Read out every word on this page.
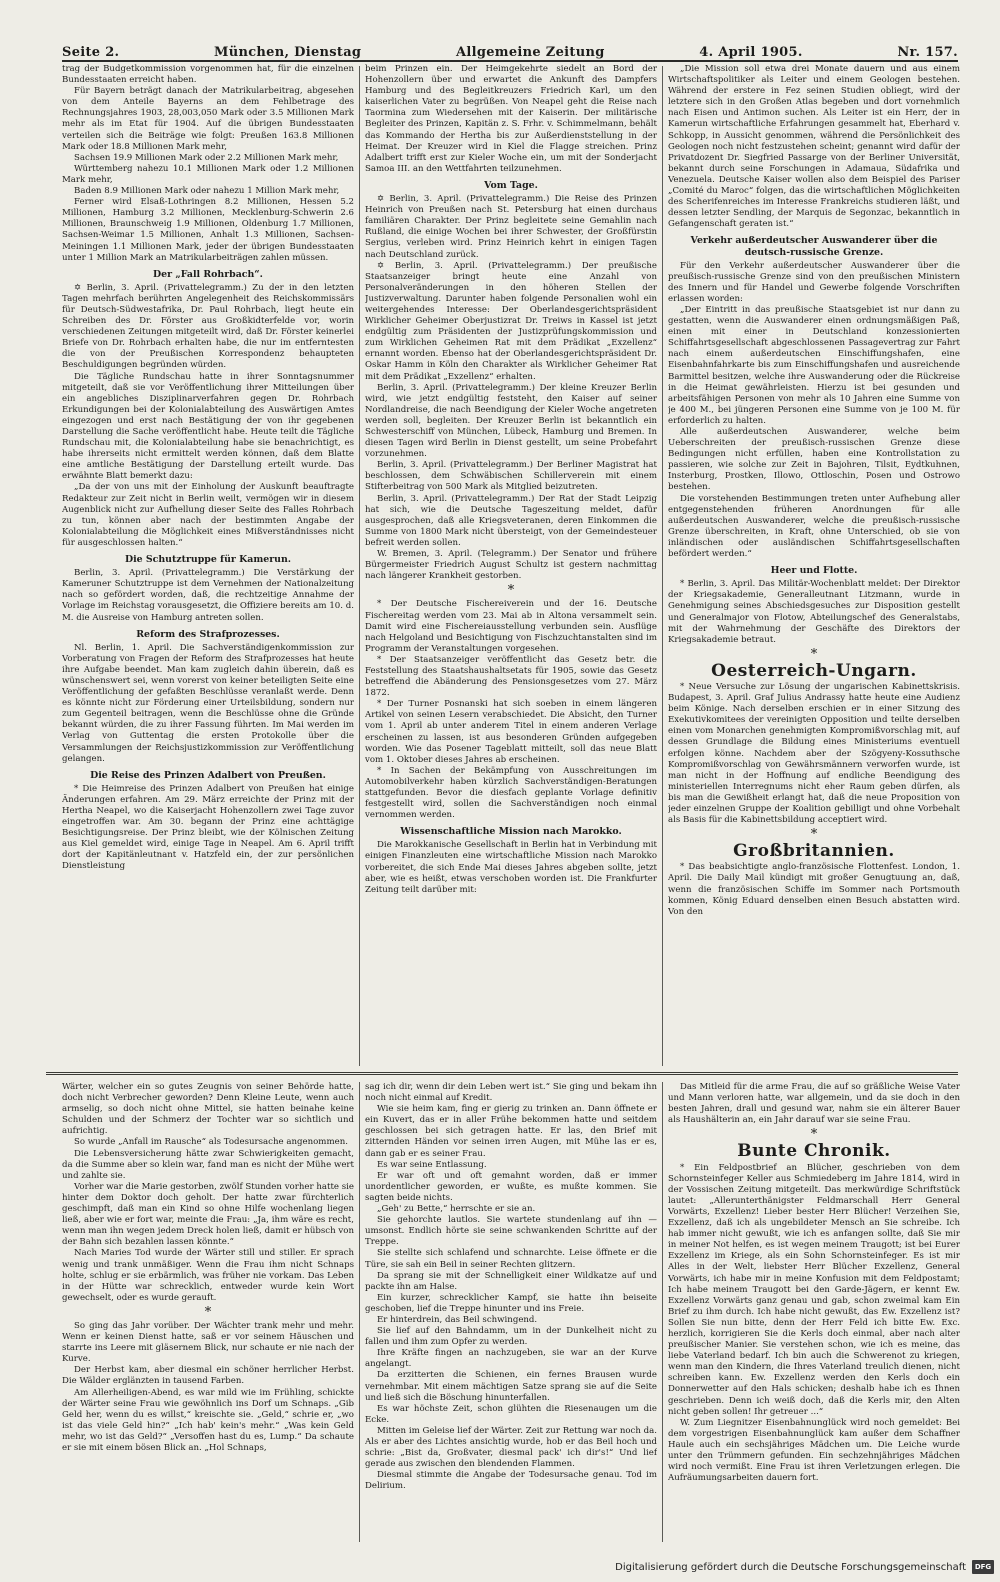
Seite 2.	München, Dienstag	Allgemeine Zeitung	4. April 1905.	Nr. 157.

trag der Budgetkommission vorgenommen hat, für die einzelnen Bundesstaaten erreicht haben.

Für Bayern beträgt danach der Matrikularbeitrag, abgesehen von dem Anteile Bayerns an dem Fehlbetrage des Rechnungsjahres 1903, 28,003,050 Mark oder 3.5 Millionen Mark mehr als im Etat für 1904. Auf die übrigen Bundesstaaten verteilen sich die Beiträge wie folgt: Preußen 163.8 Millionen Mark oder 18.8 Millionen Mark mehr,

Sachsen 19.9 Millionen Mark oder 2.2 Millionen Mark mehr,

Württemberg nahezu 10.1 Millionen Mark oder 1.2 Millionen Mark mehr,

Baden 8.9 Millionen Mark oder nahezu 1 Million Mark mehr,

Ferner wird Elsaß-Lothringen 8.2 Millionen, Hessen 5.2 Millionen, Hamburg 3.2 Millionen, Mecklenburg-Schwerin 2.6 Millionen, Braunschweig 1.9 Millionen, Oldenburg 1.7 Millionen, Sachsen-Weimar 1.5 Millionen, Anhalt 1.3 Millionen, Sachsen-Meiningen 1.1 Millionen Mark, jeder der übrigen Bundesstaaten unter 1 Million Mark an Matrikularbeiträgen zahlen müssen.

Der „Fall Rohrbach“.

✡ Berlin, 3. April. (Privattelegramm.) Zu der in den letzten Tagen mehrfach berührten Angelegenheit des Reichskommissärs für Deutsch-Südwestafrika, Dr. Paul Rohrbach, liegt heute ein Schreiben des Dr. Förster aus Großkidterfelde vor, worin verschiedenen Zeitungen mitgeteilt wird, daß Dr. Förster keinerlei Briefe von Dr. Rohrbach erhalten habe, die nur im entferntesten die von der Preußischen Korrespondenz behaupteten Beschuldigungen begründen würden.

Die Tägliche Rundschau hatte in ihrer Sonntagsnummer mitgeteilt, daß sie vor Veröffentlichung ihrer Mitteilungen über ein angebliches Disziplinarverfahren gegen Dr. Rohrbach Erkundigungen bei der Kolonialabteilung des Auswärtigen Amtes eingezogen und erst nach Bestätigung der von ihr gegebenen Darstellung die Sache veröffentlicht habe. Heute teilt die Tägliche Rundschau mit, die Kolonialabteilung habe sie benachrichtigt, es habe ihrerseits nicht ermittelt werden können, daß dem Blatte eine amtliche Bestätigung der Darstellung erteilt wurde. Das erwähnte Blatt bemerkt dazu:

„Da der von uns mit der Einholung der Auskunft beauftragte Redakteur zur Zeit nicht in Berlin weilt, vermögen wir in diesem Augenblick nicht zur Aufhellung dieser Seite des Falles Rohrbach zu tun, können aber nach der bestimmten Angabe der Kolonialabteilung die Möglichkeit eines Mißverständnisses nicht für ausgeschlossen halten.“

Die Schutztruppe für Kamerun.

Berlin, 3. April. (Privattelegramm.) Die Verstärkung der Kameruner Schutztruppe ist dem Vernehmen der Nationalzeitung nach so gefördert worden, daß, die rechtzeitige Annahme der Vorlage im Reichstag vorausgesetzt, die Offiziere bereits am 10. d. M. die Ausreise von Hamburg antreten sollen.

Reform des Strafprozesses.

Nl. Berlin, 1. April. Die Sachverständigenkommission zur Vorberatung von Fragen der Reform des Strafprozesses hat heute ihre Aufgabe beendet. Man kam zugleich dahin überein, daß es wünschenswert sei, wenn vorerst von keiner beteiligten Seite eine Veröffentlichung der gefaßten Beschlüsse veranlaßt werde. Denn es könnte nicht zur Förderung einer Urteilsbildung, sondern nur zum Gegenteil beitragen, wenn die Beschlüsse ohne die Gründe bekannt würden, die zu ihrer Fassung führten. Im Mai werden im Verlag von Guttentag die ersten Protokolle über die Versammlungen der Reichsjustizkommission zur Veröffentlichung gelangen.

Die Reise des Prinzen Adalbert von Preußen.

* Die Heimreise des Prinzen Adalbert von Preußen hat einige Änderungen erfahren. Am 29. März erreichte der Prinz mit der Hertha Neapel, wo die Kaiserjacht Hohenzollern zwei Tage zuvor eingetroffen war. Am 30. begann der Prinz eine achttägige Besichtigungsreise. Der Prinz bleibt, wie der Kölnischen Zeitung aus Kiel gemeldet wird, einige Tage in Neapel. Am 6. April trifft dort der Kapitänleutnant v. Hatzfeld ein, der zur persönlichen Dienstleistung

beim Prinzen ein. Der Heimgekehrte siedelt an Bord der Hohenzollern über und erwartet die Ankunft des Dampfers Hamburg und des Begleitkreuzers Friedrich Karl, um den kaiserlichen Vater zu begrüßen. Von Neapel geht die Reise nach Taormina zum Wiedersehen mit der Kaiserin. Der militärische Begleiter des Prinzen, Kapitän z. S. Frhr. v. Schimmelmann, behält das Kommando der Hertha bis zur Außerdienststellung in der Heimat. Der Kreuzer wird in Kiel die Flagge streichen. Prinz Adalbert trifft erst zur Kieler Woche ein, um mit der Sonderjacht Samoa III. an den Wettfahrten teilzunehmen.

Vom Tage.

✡ Berlin, 3. April. (Privattelegramm.) Die Reise des Prinzen Heinrich von Preußen nach St. Petersburg hat einen durchaus familiären Charakter. Der Prinz begleitete seine Gemahlin nach Rußland, die einige Wochen bei ihrer Schwester, der Großfürstin Sergius, verleben wird. Prinz Heinrich kehrt in einigen Tagen nach Deutschland zurück.

✡ Berlin, 3. April. (Privattelegramm.) Der preußische Staatsanzeiger bringt heute eine Anzahl von Personalveränderungen in den höheren Stellen der Justizverwaltung. Darunter haben folgende Personalien wohl ein weitergehendes Interesse: Der Oberlandesgerichtspräsident Wirklicher Geheimer Oberjustizrat Dr. Treiws in Kassel ist jetzt endgültig zum Präsidenten der Justizprüfungskommission und zum Wirklichen Geheimen Rat mit dem Prädikat „Exzellenz“ ernannt worden. Ebenso hat der Oberlandesgerichtspräsident Dr. Oskar Hamm in Köln den Charakter als Wirklicher Geheimer Rat mit dem Prädikat „Exzellenz“ erhalten.

Berlin, 3. April. (Privattelegramm.) Der kleine Kreuzer Berlin wird, wie jetzt endgültig feststeht, den Kaiser auf seiner Nordlandreise, die nach Beendigung der Kieler Woche angetreten werden soll, begleiten. Der Kreuzer Berlin ist bekanntlich ein Schwesterschiff von München, Lübeck, Hamburg und Bremen. In diesen Tagen wird Berlin in Dienst gestellt, um seine Probefahrt vorzunehmen.

Berlin, 3. April. (Privattelegramm.) Der Berliner Magistrat hat beschlossen, dem Schwäbischen Schillerverein mit einem Stifterbeitrag von 500 Mark als Mitglied beizutreten.

Berlin, 3. April. (Privattelegramm.) Der Rat der Stadt Leipzig hat sich, wie die Deutsche Tageszeitung meldet, dafür ausgesprochen, daß alle Kriegsveteranen, deren Einkommen die Summe von 1800 Mark nicht übersteigt, von der Gemeindesteuer befreit werden sollen.

W. Bremen, 3. April. (Telegramm.) Der Senator und frühere Bürgermeister Friedrich August Schultz ist gestern nachmittag nach längerer Krankheit gestorben.

*

* Der Deutsche Fischereiverein und der 16. Deutsche Fischereitag werden vom 23. Mai ab in Altona versammelt sein. Damit wird eine Fischereiausstellung verbunden sein. Ausflüge nach Helgoland und Besichtigung von Fischzuchtanstalten sind im Programm der Veranstaltungen vorgesehen.

* Der Staatsanzeiger veröffentlicht das Gesetz betr. die Feststellung des Staatshaushaltsetats für 1905, sowie das Gesetz betreffend die Abänderung des Pensionsgesetzes vom 27. März 1872.

* Der Turner Posnanski hat sich soeben in einem längeren Artikel von seinen Lesern verabschiedet. Die Absicht, den Turner vom 1. April ab unter anderem Titel in einem anderen Verlage erscheinen zu lassen, ist aus besonderen Gründen aufgegeben worden. Wie das Posener Tageblatt mitteilt, soll das neue Blatt vom 1. Oktober dieses Jahres ab erscheinen.

* In Sachen der Bekämpfung von Ausschreitungen im Automobilverkehr haben kürzlich Sachverständigen-Beratungen stattgefunden. Bevor die diesfach geplante Vorlage definitiv festgestellt wird, sollen die Sachverständigen noch einmal vernommen werden.

Wissenschaftliche Mission nach Marokko.

Die Marokkanische Gesellschaft in Berlin hat in Verbindung mit einigen Finanzleuten eine wirtschaftliche Mission nach Marokko vorbereitet, die sich Ende Mai dieses Jahres abgeben sollte, jetzt aber, wie es heißt, etwas verschoben worden ist. Die Frankfurter Zeitung teilt darüber mit:

„Die Mission soll etwa drei Monate dauern und aus einem Wirtschaftspolitiker als Leiter und einem Geologen bestehen. Während der erstere in Fez seinen Studien obliegt, wird der letztere sich in den Großen Atlas begeben und dort vornehmlich nach Eisen und Antimon suchen. Als Leiter ist ein Herr, der in Kamerun wirtschaftliche Erfahrungen gesammelt hat, Eberhard v. Schkopp, in Aussicht genommen, während die Persönlichkeit des Geologen noch nicht festzustehen scheint; genannt wird dafür der Privatdozent Dr. Siegfried Passarge von der Berliner Universität, bekannt durch seine Forschungen in Adamaua, Südafrika und Venezuela. Deutsche Kaiser wollen also dem Beispiel des Pariser „Comité du Maroc“ folgen, das die wirtschaftlichen Möglichkeiten des Scherifenreiches im Interesse Frankreichs studieren läßt, und dessen letzter Sendling, der Marquis de Segonzac, bekanntlich in Gefangenschaft geraten ist.“

Verkehr außerdeutscher Auswanderer über die deutsch-russische Grenze.

Für den Verkehr außerdeutscher Auswanderer über die preußisch-russische Grenze sind von den preußischen Ministern des Innern und für Handel und Gewerbe folgende Vorschriften erlassen worden:

„Der Eintritt in das preußische Staatsgebiet ist nur dann zu gestatten, wenn die Auswanderer einen ordnungsmäßigen Paß, einen mit einer in Deutschland konzessionierten Schiffahrtsgesellschaft abgeschlossenen Passagevertrag zur Fahrt nach einem außerdeutschen Einschiffungshafen, eine Eisenbahnfahrkarte bis zum Einschiffungshafen und ausreichende Barmittel besitzen, welche ihre Auswanderung oder die Rückreise in die Heimat gewährleisten. Hierzu ist bei gesunden und arbeitsfähigen Personen von mehr als 10 Jahren eine Summe von je 400 M., bei jüngeren Personen eine Summe von je 100 M. für erforderlich zu halten.

Alle außerdeutschen Auswanderer, welche beim Ueberschreiten der preußisch-russischen Grenze diese Bedingungen nicht erfüllen, haben eine Kontrollstation zu passieren, wie solche zur Zeit in Bajohren, Tilsit, Eydtkuhnen, Insterburg, Prostken, Illowo, Ottloschin, Posen und Ostrowo bestehen.

Die vorstehenden Bestimmungen treten unter Aufhebung aller entgegenstehenden früheren Anordnungen für alle außerdeutschen Auswanderer, welche die preußisch-russische Grenze überschreiten, in Kraft, ohne Unterschied, ob sie von inländischen oder ausländischen Schiffahrtsgesellschaften befördert werden.“

Heer und Flotte.

* Berlin, 3. April. Das Militär-Wochenblatt meldet: Der Direktor der Kriegsakademie, Generalleutnant Litzmann, wurde in Genehmigung seines Abschiedsgesuches zur Disposition gestellt und Generalmajor von Flotow, Abteilungschef des Generalstabs, mit der Wahrnehmung der Geschäfte des Direktors der Kriegsakademie betraut.

*
Oesterreich-Ungarn.

* Neue Versuche zur Lösung der ungarischen Kabinettskrisis. Budapest, 3. April. Graf Julius Andrassy hatte heute eine Audienz beim Könige. Nach derselben erschien er in einer Sitzung des Exekutivkomitees der vereinigten Opposition und teilte derselben einen vom Monarchen genehmigten Kompromißvorschlag mit, auf dessen Grundlage die Bildung eines Ministeriums eventuell erfolgen könne. Nachdem aber der Szögyeny-Kossuthsche Kompromißvorschlag von Gewährsmännern verworfen wurde, ist man nicht in der Hoffnung auf endliche Beendigung des ministeriellen Interregnums nicht eher Raum geben dürfen, als bis man die Gewißheit erlangt hat, daß die neue Proposition von jeder einzelnen Gruppe der Koalition gebilligt und ohne Vorbehalt als Basis für die Kabinettsbildung acceptiert wird.

*
Großbritannien.

* Das beabsichtigte anglo-französische Flottenfest. London, 1. April. Die Daily Mail kündigt mit großer Genugtuung an, daß, wenn die französischen Schiffe im Sommer nach Portsmouth kommen, König Eduard denselben einen Besuch abstatten wird. Von den

Wärter, welcher ein so gutes Zeugnis von seiner Behörde hatte, doch nicht Verbrecher geworden? Denn Kleine Leute, wenn auch armselig, so doch nicht ohne Mittel, sie hatten beinahe keine Schulden und der Schmerz der Tochter war so sichtlich und aufrichtig.

So wurde „Anfall im Rausche“ als Todesursache angenommen.

Die Lebensversicherung hätte zwar Schwierigkeiten gemacht, da die Summe aber so klein war, fand man es nicht der Mühe wert und zahlte sie.

Vorher war die Marie gestorben, zwölf Stunden vorher hatte sie hinter dem Doktor doch geholt. Der hatte zwar fürchterlich geschimpft, daß man ein Kind so ohne Hilfe wochenlang liegen ließ, aber wie er fort war, meinte die Frau: „Ja, ihm wäre es recht, wenn man ihn wegen jedem Dreck holen ließ, damit er hübsch von der Bahn sich bezahlen lassen könnte.“

Nach Maries Tod wurde der Wärter still und stiller. Er sprach wenig und trank unmäßiger. Wenn die Frau ihm nicht Schnaps holte, schlug er sie erbärmlich, was früher nie vorkam. Das Leben in der Hütte war schrecklich, entweder wurde kein Wort gewechselt, oder es wurde gerauft.

*

So ging das Jahr vorüber. Der Wächter trank mehr und mehr. Wenn er keinen Dienst hatte, saß er vor seinem Häuschen und starrte ins Leere mit gläsernem Blick, nur schaute er nie nach der Kurve.

Der Herbst kam, aber diesmal ein schöner herrlicher Herbst. Die Wälder erglänzten in tausend Farben.

Am Allerheiligen-Abend, es war mild wie im Frühling, schickte der Wärter seine Frau wie gewöhnlich ins Dorf um Schnaps. „Gib Geld her, wenn du es willst,“ kreischte sie. „Geld,“ schrie er, „wo ist das viele Geld hin?“ „Ich hab' kein's mehr.“ „Was kein Geld mehr, wo ist das Geld?“ „Versoffen hast du es, Lump.“ Da schaute er sie mit einem bösen Blick an. „Hol Schnaps,

sag ich dir, wenn dir dein Leben wert ist.“ Sie ging und bekam ihn noch nicht einmal auf Kredit.

Wie sie heim kam, fing er gierig zu trinken an. Dann öffnete er ein Kuvert, das er in aller Frühe bekommen hatte und seitdem geschlossen bei sich getragen hatte. Er las, den Brief mit zitternden Händen vor seinen irren Augen, mit Mühe las er es, dann gab er es seiner Frau.

Es war seine Entlassung.

Er war oft und oft gemahnt worden, daß er immer unordentlicher geworden, er wußte, es mußte kommen. Sie sagten beide nichts.

„Geh' zu Bette,“ herrschte er sie an.

Sie gehorchte lautlos. Sie wartete stundenlang auf ihn — umsonst. Endlich hörte sie seine schwankenden Schritte auf der Treppe.

Sie stellte sich schlafend und schnarchte. Leise öffnete er die Türe, sie sah ein Beil in seiner Rechten glitzern.

Da sprang sie mit der Schnelligkeit einer Wildkatze auf und packte ihn am Halse.

Ein kurzer, schrecklicher Kampf, sie hatte ihn beiseite geschoben, lief die Treppe hinunter und ins Freie.

Er hinterdrein, das Beil schwingend.

Sie lief auf den Bahndamm, um in der Dunkelheit nicht zu fallen und ihm zum Opfer zu werden.

Ihre Kräfte fingen an nachzugeben, sie war an der Kurve angelangt.

Da erzitterten die Schienen, ein fernes Brausen wurde vernehmbar. Mit einem mächtigen Satze sprang sie auf die Seite und ließ sich die Böschung hinunterfallen.

Es war höchste Zeit, schon glühten die Riesenaugen um die Ecke.

Mitten im Geleise lief der Wärter. Zeit zur Rettung war noch da. Als er aber des Lichtes ansichtig wurde, hob er das Beil hoch und schrie: „Bist da, Großvater, diesmal pack' ich dir's!“ Und lief gerade aus zwischen den blendenden Flammen.

Diesmal stimmte die Angabe der Todesursache genau. Tod im Delirium.

Das Mitleid für die arme Frau, die auf so gräßliche Weise Vater und Mann verloren hatte, war allgemein, und da sie doch in den besten Jahren, drall und gesund war, nahm sie ein älterer Bauer als Haushälterin an, ein Jahr darauf war sie seine Frau.

*
Bunte Chronik.

* Ein Feldpostbrief an Blücher, geschrieben von dem Schornsteinfeger Keller aus Schmiedeberg im Jahre 1814, wird in der Vossischen Zeitung mitgeteilt. Das merkwürdige Schriftstück lautet: „Allerunterthänigster Feldmarschall Herr General Vorwärts, Exzellenz! Lieber bester Herr Blücher! Verzeihen Sie, Exzellenz, daß ich als ungebildeter Mensch an Sie schreibe. Ich hab immer nicht gewußt, wie ich es anfangen sollte, daß Sie mir in meiner Not helfen, es ist wegen meinem Traugott; ist bei Eurer Exzellenz im Kriege, als ein Sohn Schornsteinfeger. Es ist mir Alles in der Welt, liebster Herr Blücher Exzellenz, General Vorwärts, ich habe mir in meine Konfusion mit dem Feldpostamt; Ich habe meinem Traugott bei den Garde-Jägern, er kennt Ew. Exzellenz Vorwärts ganz genau und gab, schon zweimal kam Ein Brief zu ihm durch. Ich habe nicht gewußt, das Ew. Exzellenz ist? Sollen Sie nun bitte, denn der Herr Feld ich bitte Ew. Exc. herzlich, korrigieren Sie die Kerls doch einmal, aber nach alter preußischer Manier. Sie verstehen schon, wie ich es meine, das liebe Vaterland bedarf. Ich bin auch die Schwerenot zu kriegen, wenn man den Kindern, die Ihres Vaterland treulich dienen, nicht schreiben kann. Ew. Exzellenz werden den Kerls doch ein Donnerwetter auf den Hals schicken; deshalb habe ich es Ihnen geschrieben. Denn ich weiß doch, daß die Kerls mir, den Alten nicht geben sollen! Ihr getreuer ...“

W. Zum Liegnitzer Eisenbahnunglück wird noch gemeldet: Bei dem vorgestrigen Eisenbahnunglück kam außer dem Schaffner Haule auch ein sechsjähriges Mädchen um. Die Leiche wurde unter den Trümmern gefunden. Ein sechzehnjähriges Mädchen wird noch vermißt. Eine Frau ist ihren Verletzungen erlegen. Die Aufräumungsarbeiten dauern fort.

Digitalisierung gefördert durch die Deutsche Forschungsgemeinschaft	DFG
